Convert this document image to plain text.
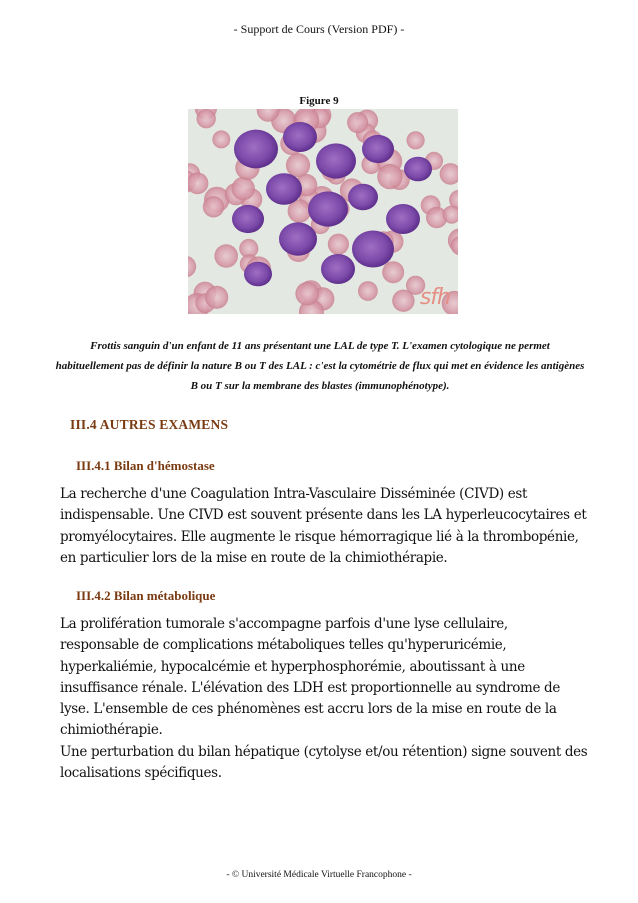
- Support de Cours (Version PDF) -
Figure 9
sfh
Frottis sanguin d'un enfant de 11 ans présentant une LAL de type T. L'examen cytologique ne permet habituellement pas de définir la nature B ou T des LAL : c'est la cytométrie de flux qui met en évidence les antigènes B ou T sur la membrane des blastes (immunophénotype).
III.4 AUTRES EXAMENS
III.4.1 Bilan d'hémostase

La recherche d'une Coagulation Intra-Vasculaire Disséminée (CIVD) est indispensable. Une CIVD est souvent présente dans les LA hyperleucocytaires et promyélocytaires. Elle augmente le risque hémorragique lié à la thrombopénie, en particulier lors de la mise en route de la chimiothérapie.

III.4.2 Bilan métabolique

La prolifération tumorale s'accompagne parfois d'une lyse cellulaire, responsable de complications métaboliques telles qu'hyperuricémie, hyperkaliémie, hypocalcémie et hyperphosphorémie, aboutissant à une insuffisance rénale. L'élévation des LDH est proportionnelle au syndrome de lyse. L'ensemble de ces phénomènes est accru lors de la mise en route de la chimiothérapie.

Une perturbation du bilan hépatique (cytolyse et/ou rétention) signe souvent des localisations spécifiques.

- © Université Médicale Virtuelle Francophone -
